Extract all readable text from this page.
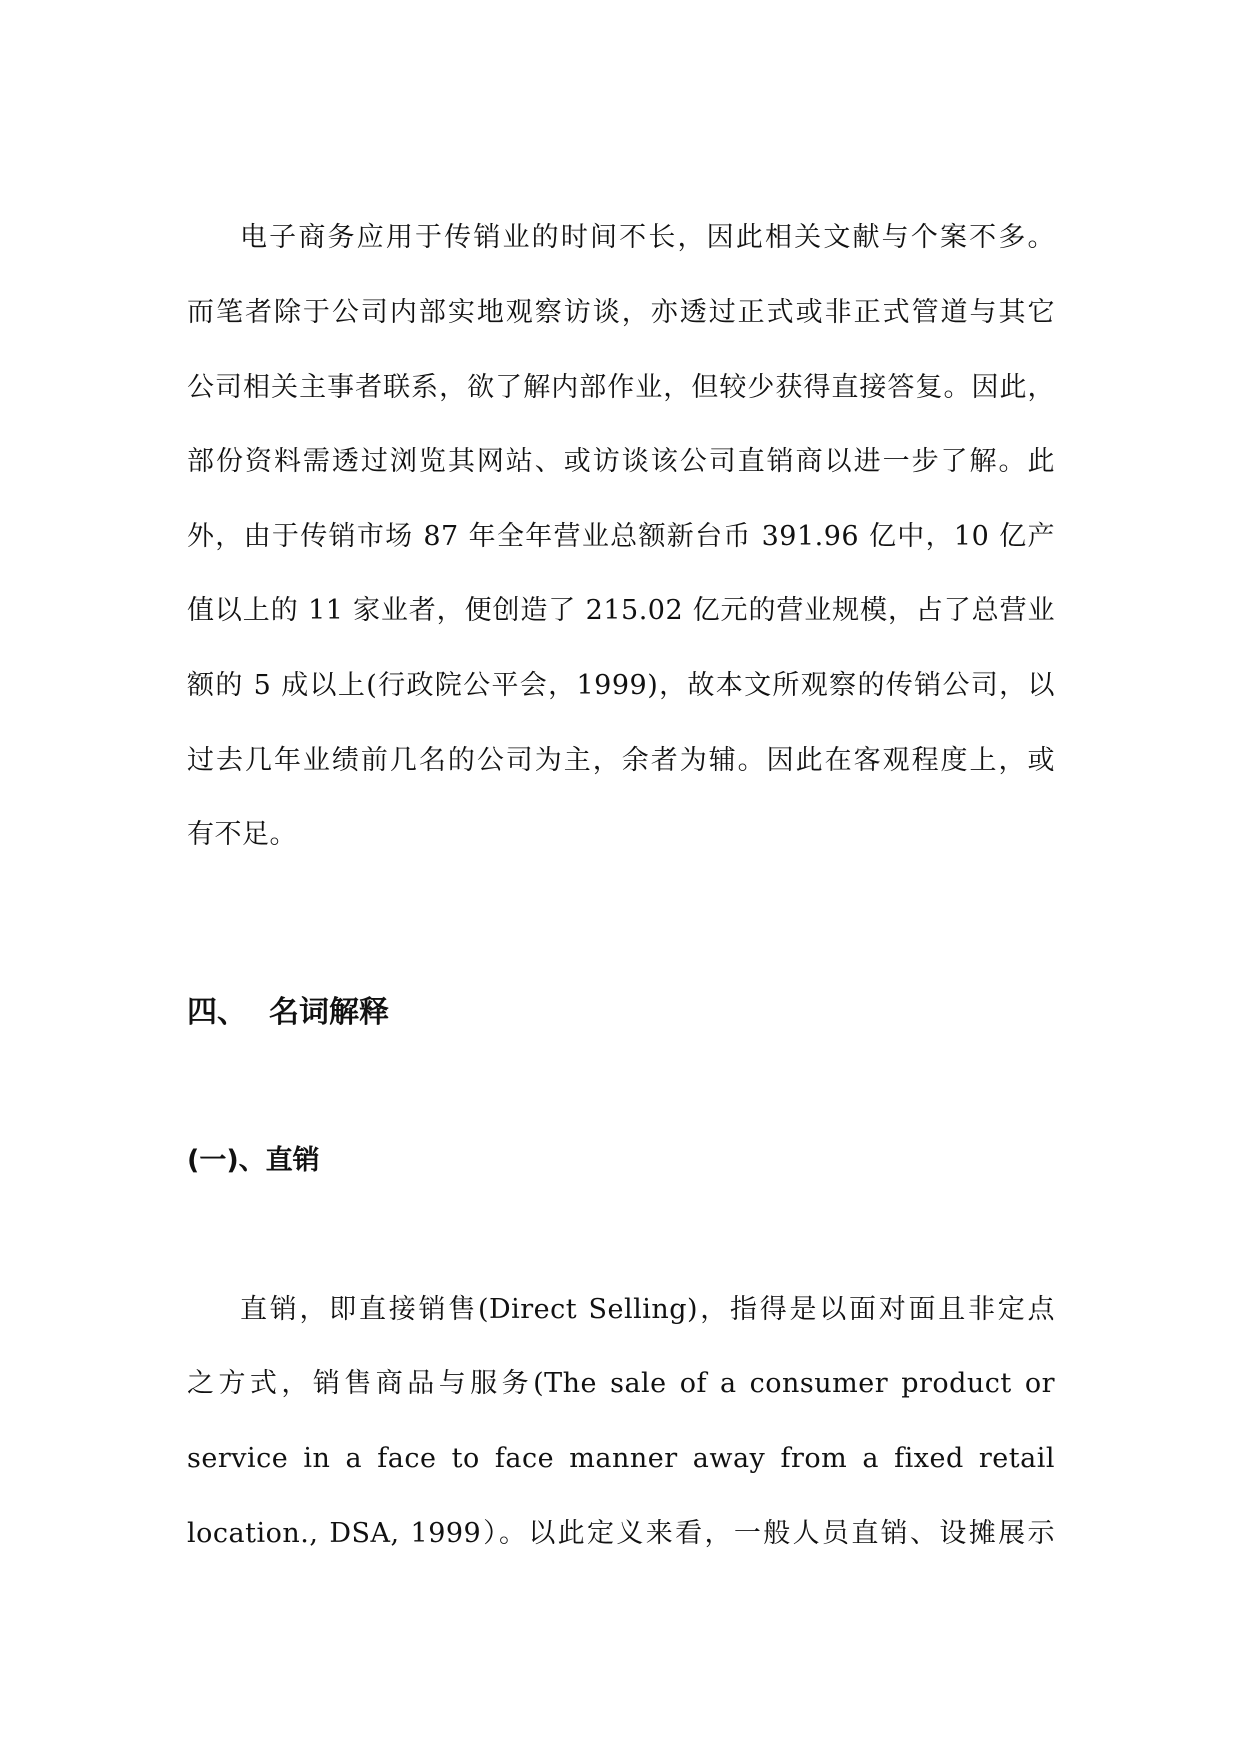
电子商务应用于传销业的时间不长，因此相关文献与个案不多。
而笔者除于公司内部实地观察访谈，亦透过正式或非正式管道与其它
公司相关主事者联系，欲了解内部作业，但较少获得直接答复。因此，
部份资料需透过浏览其网站、或访谈该公司直销商以进一步了解。此
外，由于传销市场 87 年全年营业总额新台币 391.96 亿中，10 亿产
值以上的 11 家业者，便创造了 215.02 亿元的营业规模，占了总营业
额的 5 成以上(行政院公平会，1999)，故本文所观察的传销公司，以
过去几年业绩前几名的公司为主，余者为辅。因此在客观程度上，或
有不足。
四、 名词解释
(一)、直销
直销，即直接销售(Direct Selling)，指得是以面对面且非定点
之方式，销售商品与服务(The sale of a consumer product or
service in a face to face manner away from a fixed retail
location., DSA, 1999）。以此定义来看，一般人员直销、设摊展示
